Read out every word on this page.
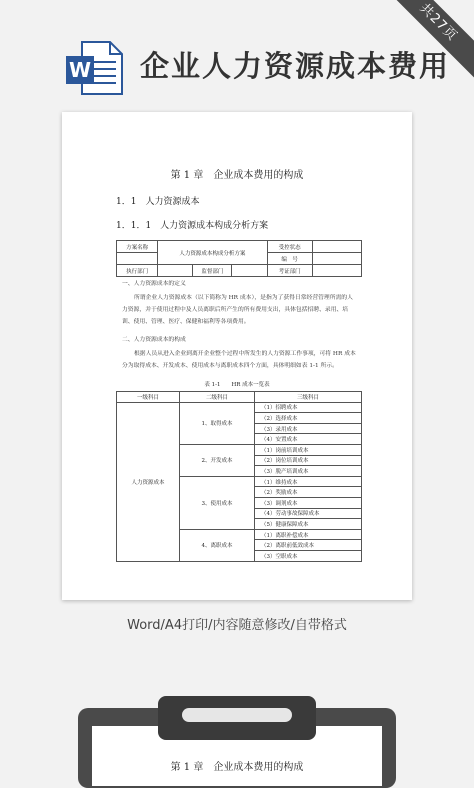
共27页
W 企业人力资源成本费用
第 1 章　企业成本费用的构成
1．1　人力资源成本
1．1．1　人力资源成本构成分析方案
方案名称	人力资源成本构成分析方案			受控状态	
				编　号	
执行部门		监督部门		考证部门	
一、人力资源成本的定义
所谓企业人力资源成本（以下简称为 HR 成本），是指为了获得日常经营管理所需的人力资源，并于使用过程中及人员离职后所产生的所有费用支出，具体包括招聘、录用、培训、使用、管理、医疗、保健和福利等各项费用。
二、人力资源成本的构成
根据人员从进入企业到离开企业整个过程中所发生的人力资源工作事项，可将 HR 成本分为取得成本、开发成本、使用成本与离职成本四个方面，具体明细如表 1-1 所示。
表 1-1　　HR 成本一览表
一级科目	二级科目	三级科目
人力资源成本	1、取得成本	（1）招聘成本
		（2）选择成本
		（3）录用成本
		（4）安置成本
	2、开发成本	（1）岗前培训成本
		（2）岗位培训成本
		（3）脱产培训成本
	3、使用成本	（1）维持成本
		（2）奖励成本
		（3）调剂成本
		（4）劳动事故保障成本
		（5）健康保障成本
	4、离职成本	（1）离职补偿成本
		（2）离职前低效成本
		（3）空职成本
Word/A4打印/内容随意修改/自带格式
第 1 章　企业成本费用的构成
